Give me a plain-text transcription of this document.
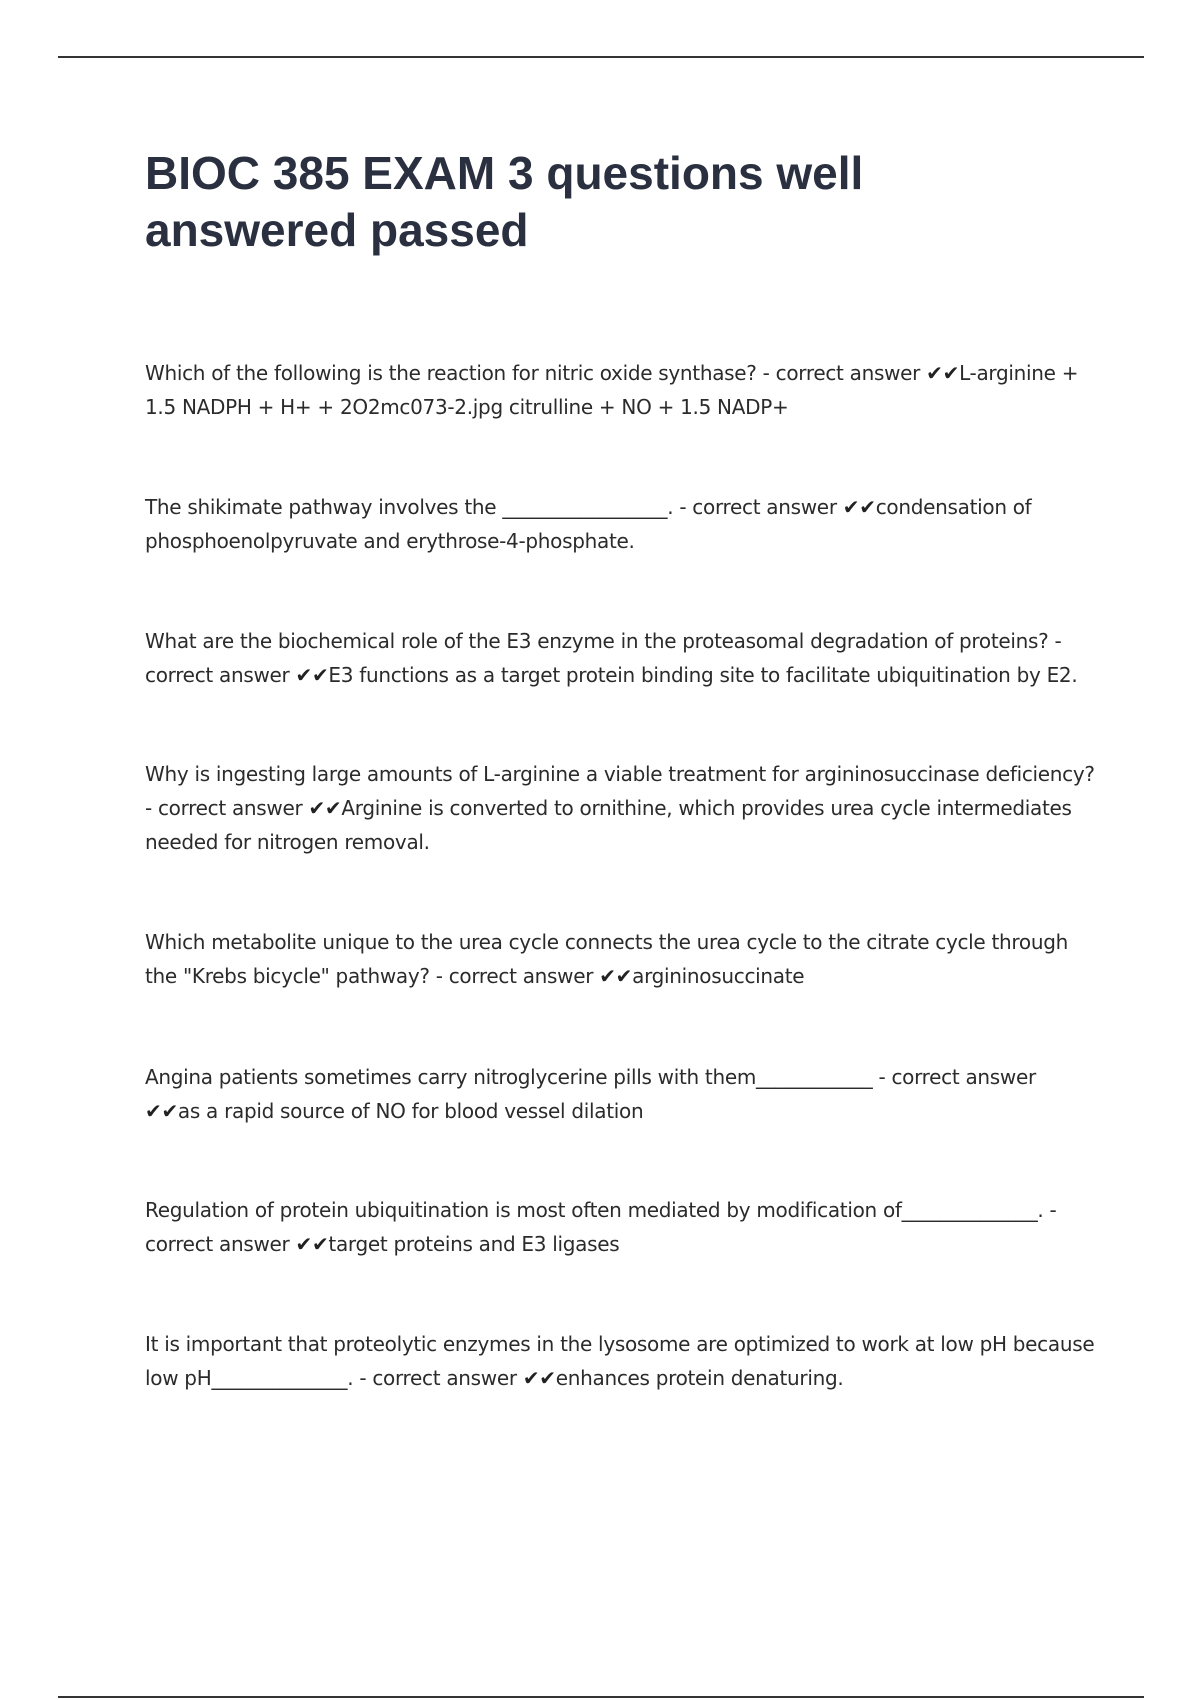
BIOC 385 EXAM 3 questions well answered passed

Which of the following is the reaction for nitric oxide synthase? - correct answer ✔✔L-arginine + 1.5 NADPH + H+ + 2O2mc073-2.jpg citrulline + NO + 1.5 NADP+

The shikimate pathway involves the _________________. - correct answer ✔✔condensation of phosphoenolpyruvate and erythrose-4-phosphate.

What are the biochemical role of the E3 enzyme in the proteasomal degradation of proteins? - correct answer ✔✔E3 functions as a target protein binding site to facilitate ubiquitination by E2.

Why is ingesting large amounts of L-arginine a viable treatment for argininosuccinase deficiency? - correct answer ✔✔Arginine is converted to ornithine, which provides urea cycle intermediates needed for nitrogen removal.

Which metabolite unique to the urea cycle connects the urea cycle to the citrate cycle through the "Krebs bicycle" pathway? - correct answer ✔✔argininosuccinate

Angina patients sometimes carry nitroglycerine pills with them____________ - correct answer ✔✔as a rapid source of NO for blood vessel dilation

Regulation of protein ubiquitination is most often mediated by modification of______________. - correct answer ✔✔target proteins and E3 ligases

It is important that proteolytic enzymes in the lysosome are optimized to work at low pH because low pH______________. - correct answer ✔✔enhances protein denaturing.
